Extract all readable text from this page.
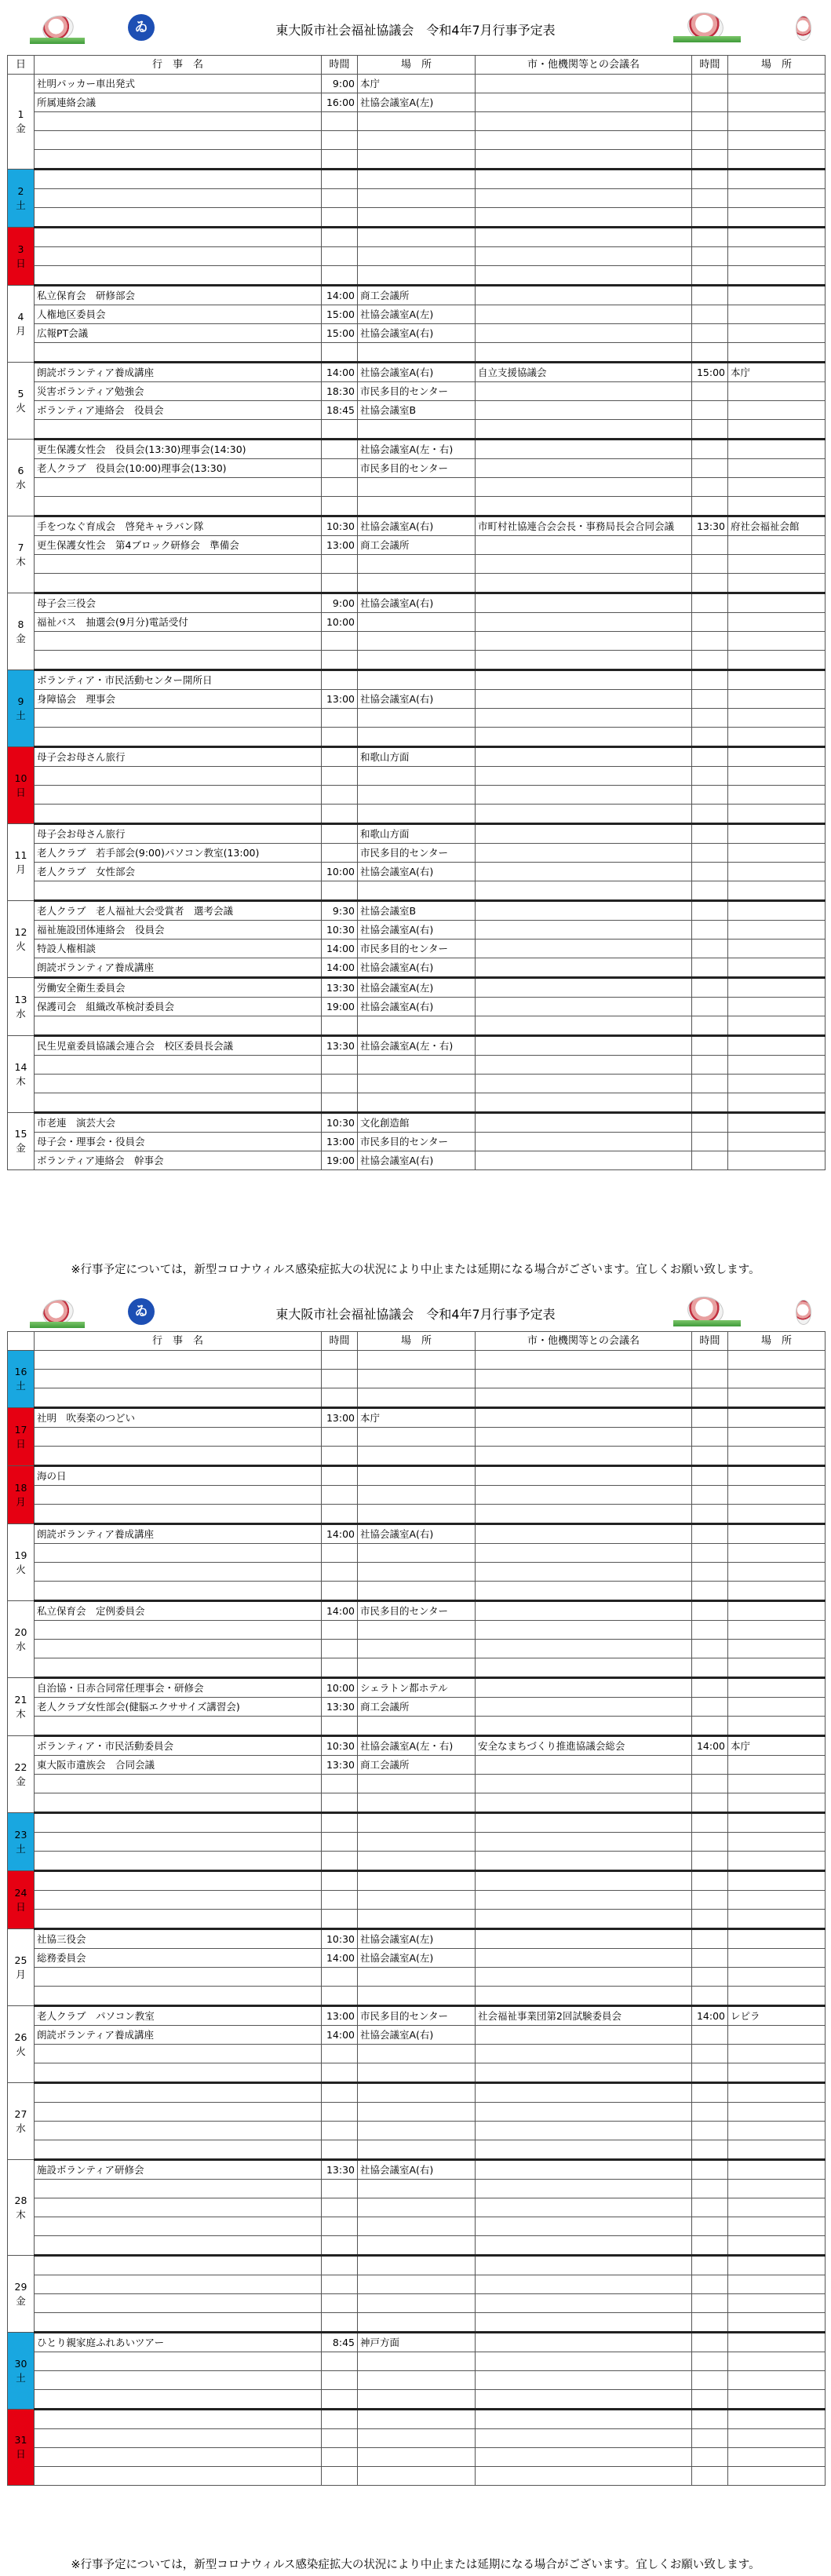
ゐ	東大阪市社会福祉協議会　令和4年7月行事予定表
日	行　事　名	時間	場　所	市・他機関等との会議名	時間	場　所
1
金	社明パッカー車出発式	9:00	本庁			
	所属連絡会議	16:00	社協会議室A(左)			

2
土						

3
日						

4
月	私立保育会　研修部会	14:00	商工会議所			
	人権地区委員会	15:00	社協会議室A(左)			
	広報PT会議	15:00	社協会議室A(右)			

5
火	朗読ボランティア養成講座	14:00	社協会議室A(右)	自立支援協議会	15:00	本庁
	災害ボランティア勉強会	18:30	市民多目的センター			
	ボランティア連絡会　役員会	18:45	社協会議室B			

6
水	更生保護女性会　役員会(13:30)理事会(14:30)		社協会議室A(左・右)			
	老人クラブ　役員会(10:00)理事会(13:30)		市民多目的センター			

7
木	手をつなぐ育成会　啓発キャラバン隊	10:30	社協会議室A(右)	市町村社協連合会会長・事務局長会合同会議	13:30	府社会福祉会館
	更生保護女性会　第4ブロック研修会　準備会	13:00	商工会議所			

8
金	母子会三役会	9:00	社協会議室A(右)			
	福祉バス　抽選会(9月分)電話受付	10:00				

9
土	ボランティア・市民活動センター開所日					
	身障協会　理事会	13:00	社協会議室A(右)			

10
日	母子会お母さん旅行		和歌山方面			

11
月	母子会お母さん旅行		和歌山方面			
	老人クラブ　若手部会(9:00)パソコン教室(13:00)		市民多目的センター			
	老人クラブ　女性部会	10:00	社協会議室A(右)			

12
火	老人クラブ　老人福祉大会受賞者　選考会議	9:30	社協会議室B			
	福祉施設団体連絡会　役員会	10:30	社協会議室A(右)			
	特設人権相談	14:00	市民多目的センター			
	朗読ボランティア養成講座	14:00	社協会議室A(右)			
13
水	労働安全衛生委員会	13:30	社協会議室A(左)			
	保護司会　組織改革検討委員会	19:00	社協会議室A(右)			

14
木	民生児童委員協議会連合会　校区委員長会議	13:30	社協会議室A(左・右)			

15
金	市老連　演芸大会	10:30	文化創造館			
	母子会・理事会・役員会	13:00	市民多目的センター			
	ボランティア連絡会　幹事会	19:00	社協会議室A(右)			
※行事予定については，新型コロナウィルス感染症拡大の状況により中止または延期になる場合がございます。宜しくお願い致します。
ゐ	東大阪市社会福祉協議会　令和4年7月行事予定表
	行　事　名	時間	場　所	市・他機関等との会議名	時間	場　所
16
土						

17
日	社明　吹奏楽のつどい	13:00	本庁			

18
月	海の日					

19
火	朗読ボランティア養成講座	14:00	社協会議室A(右)			

20
水	私立保育会　定例委員会	14:00	市民多目的センター			

21
木	自治協・日赤合同常任理事会・研修会	10:00	シェラトン都ホテル			
	老人クラブ女性部会(健脳エクササイズ講習会)	13:30	商工会議所			

22
金	ボランティア・市民活動委員会	10:30	社協会議室A(左・右)	安全なまちづくり推進協議会総会	14:00	本庁
	東大阪市遺族会　合同会議	13:30	商工会議所			

23
土						

24
日						

25
月	社協三役会	10:30	社協会議室A(左)			
	総務委員会	14:00	社協会議室A(左)			

26
火	老人クラブ　パソコン教室	13:00	市民多目的センター	社会福祉事業団第2回試験委員会	14:00	レピラ
	朗読ボランティア養成講座	14:00	社協会議室A(右)			

27
水						

28
木	施設ボランティア研修会	13:30	社協会議室A(右)			

29
金						

30
土	ひとり親家庭ふれあいツアー	8:45	神戸方面			

31
日						

※行事予定については，新型コロナウィルス感染症拡大の状況により中止または延期になる場合がございます。宜しくお願い致します。
